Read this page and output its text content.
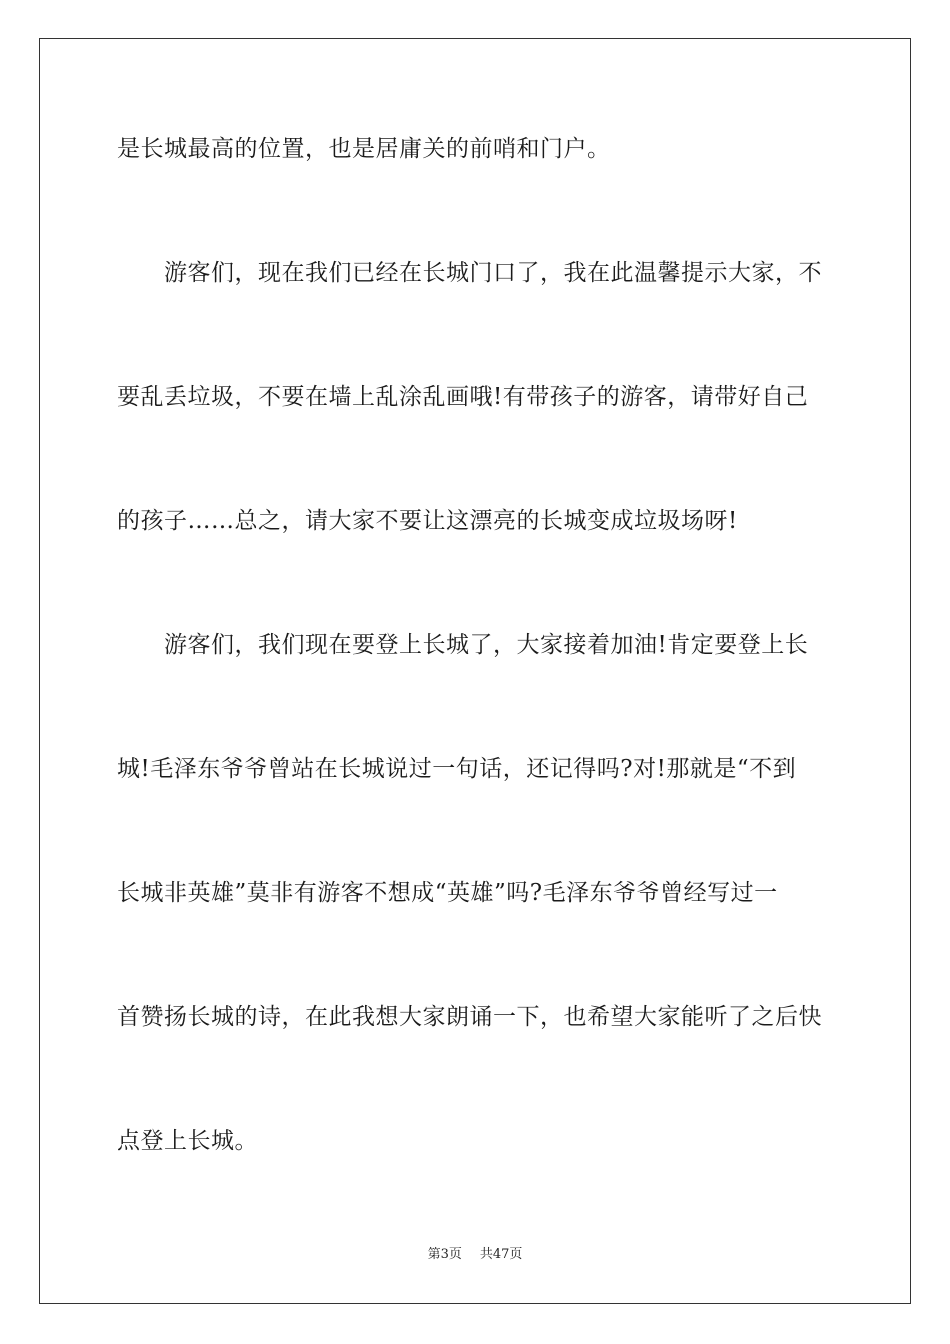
是长城最高的位置，也是居庸关的前哨和门户。
游客们，现在我们已经在长城门口了，我在此温馨提示大家，不
要乱丢垃圾，不要在墙上乱涂乱画哦!有带孩子的游客，请带好自己
的孩子……总之，请大家不要让这漂亮的长城变成垃圾场呀!
游客们，我们现在要登上长城了，大家接着加油!肯定要登上长
城!毛泽东爷爷曾站在长城说过一句话，还记得吗?对!那就是“不到
长城非英雄”莫非有游客不想成“英雄”吗?毛泽东爷爷曾经写过一
首赞扬长城的诗，在此我想大家朗诵一下，也希望大家能听了之后快
点登上长城。
第3页 共47页
